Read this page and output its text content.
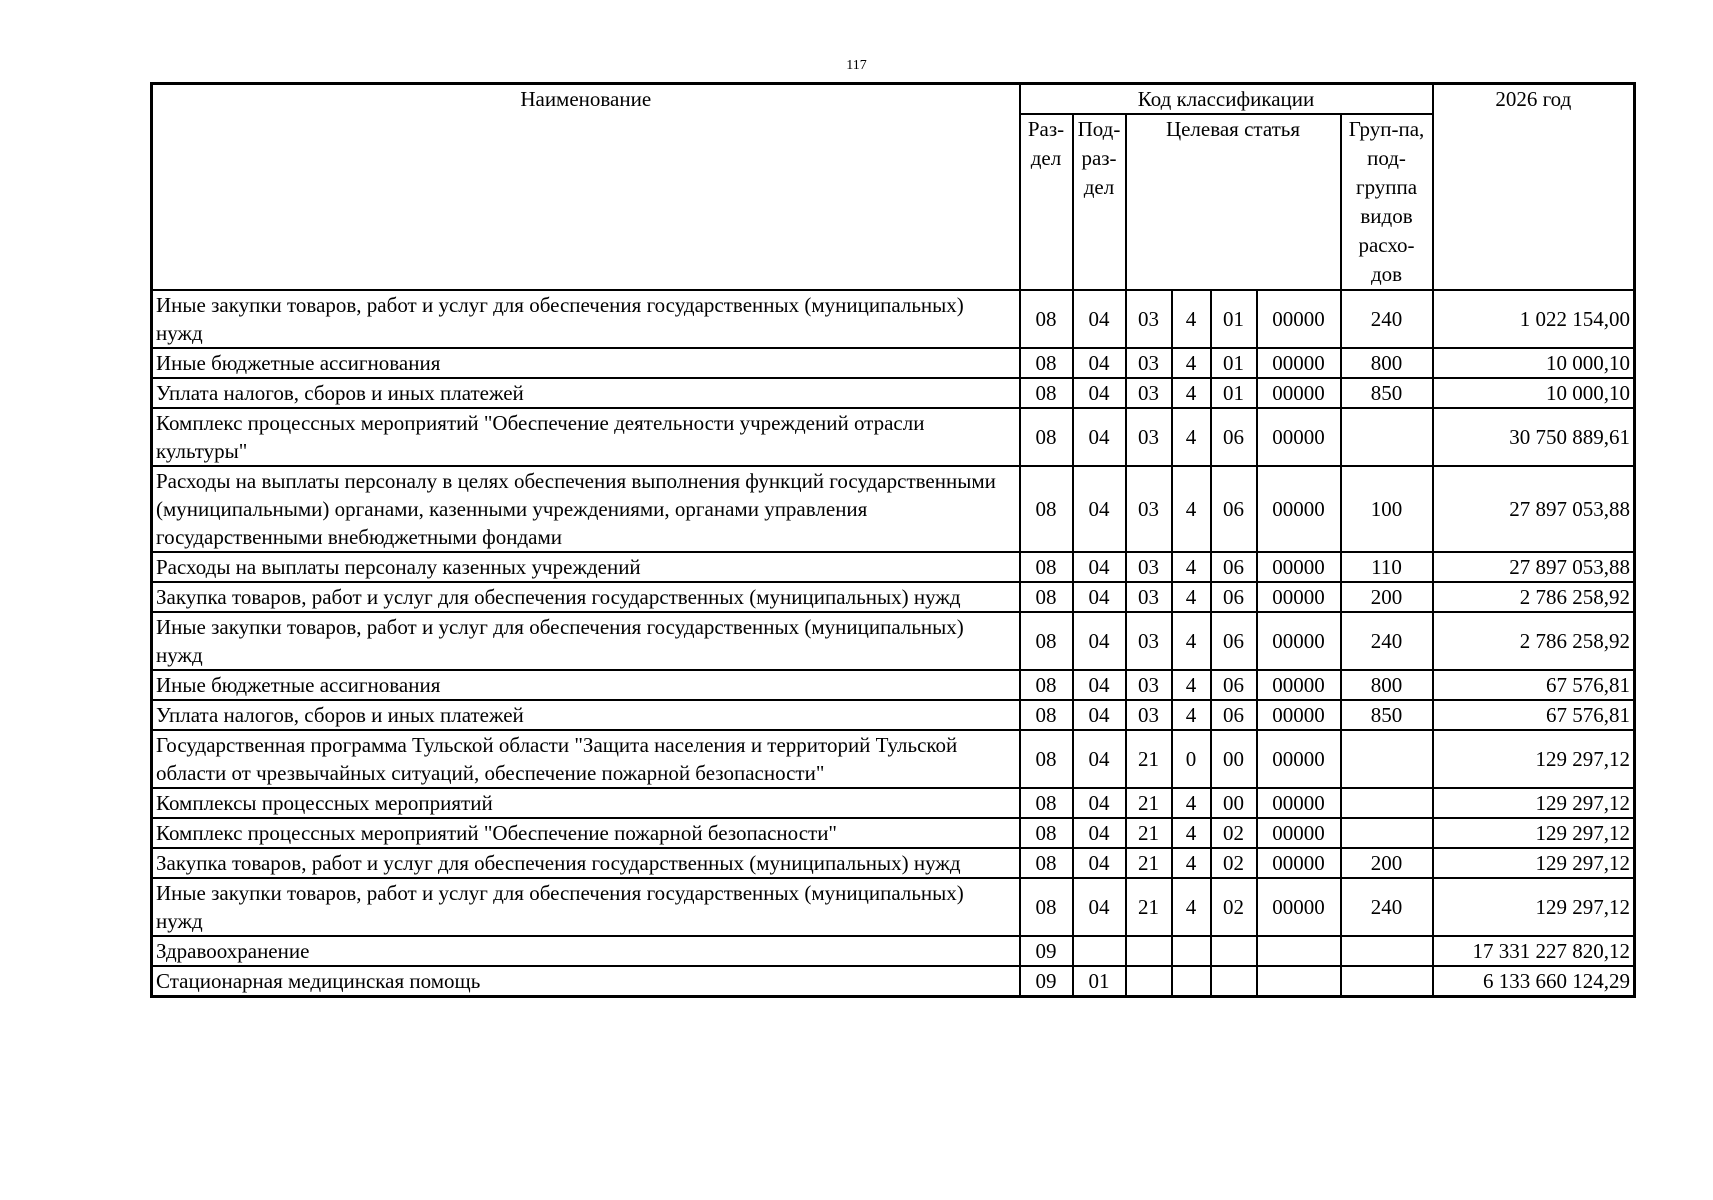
117
Наименование	Код классификации							2026 год
	Раз-дел	Под-раз-дел	Целевая статья				Груп-па, под-группа видов расхо-дов	
Иные закупки товаров, работ и услуг для обеспечения государственных (муниципальных) нужд	08	04	03	4	01	00000	240	1 022 154,00
Иные бюджетные ассигнования	08	04	03	4	01	00000	800	10 000,10
Уплата налогов, сборов и иных платежей	08	04	03	4	01	00000	850	10 000,10
Комплекс процессных мероприятий "Обеспечение деятельности учреждений отрасли культуры"	08	04	03	4	06	00000		30 750 889,61
Расходы на выплаты персоналу в целях обеспечения выполнения функций государственными (муниципальными) органами, казенными учреждениями, органами управления государственными внебюджетными фондами	08	04	03	4	06	00000	100	27 897 053,88
Расходы на выплаты персоналу казенных учреждений	08	04	03	4	06	00000	110	27 897 053,88
Закупка товаров, работ и услуг для обеспечения государственных (муниципальных) нужд	08	04	03	4	06	00000	200	2 786 258,92
Иные закупки товаров, работ и услуг для обеспечения государственных (муниципальных) нужд	08	04	03	4	06	00000	240	2 786 258,92
Иные бюджетные ассигнования	08	04	03	4	06	00000	800	67 576,81
Уплата налогов, сборов и иных платежей	08	04	03	4	06	00000	850	67 576,81
Государственная программа Тульской области "Защита населения и территорий Тульской области от чрезвычайных ситуаций, обеспечение пожарной безопасности"	08	04	21	0	00	00000		129 297,12
Комплексы процессных мероприятий	08	04	21	4	00	00000		129 297,12
Комплекс процессных мероприятий "Обеспечение пожарной безопасности"	08	04	21	4	02	00000		129 297,12
Закупка товаров, работ и услуг для обеспечения государственных (муниципальных) нужд	08	04	21	4	02	00000	200	129 297,12
Иные закупки товаров, работ и услуг для обеспечения государственных (муниципальных) нужд	08	04	21	4	02	00000	240	129 297,12
Здравоохранение	09							17 331 227 820,12
Стационарная медицинская помощь	09	01						6 133 660 124,29
